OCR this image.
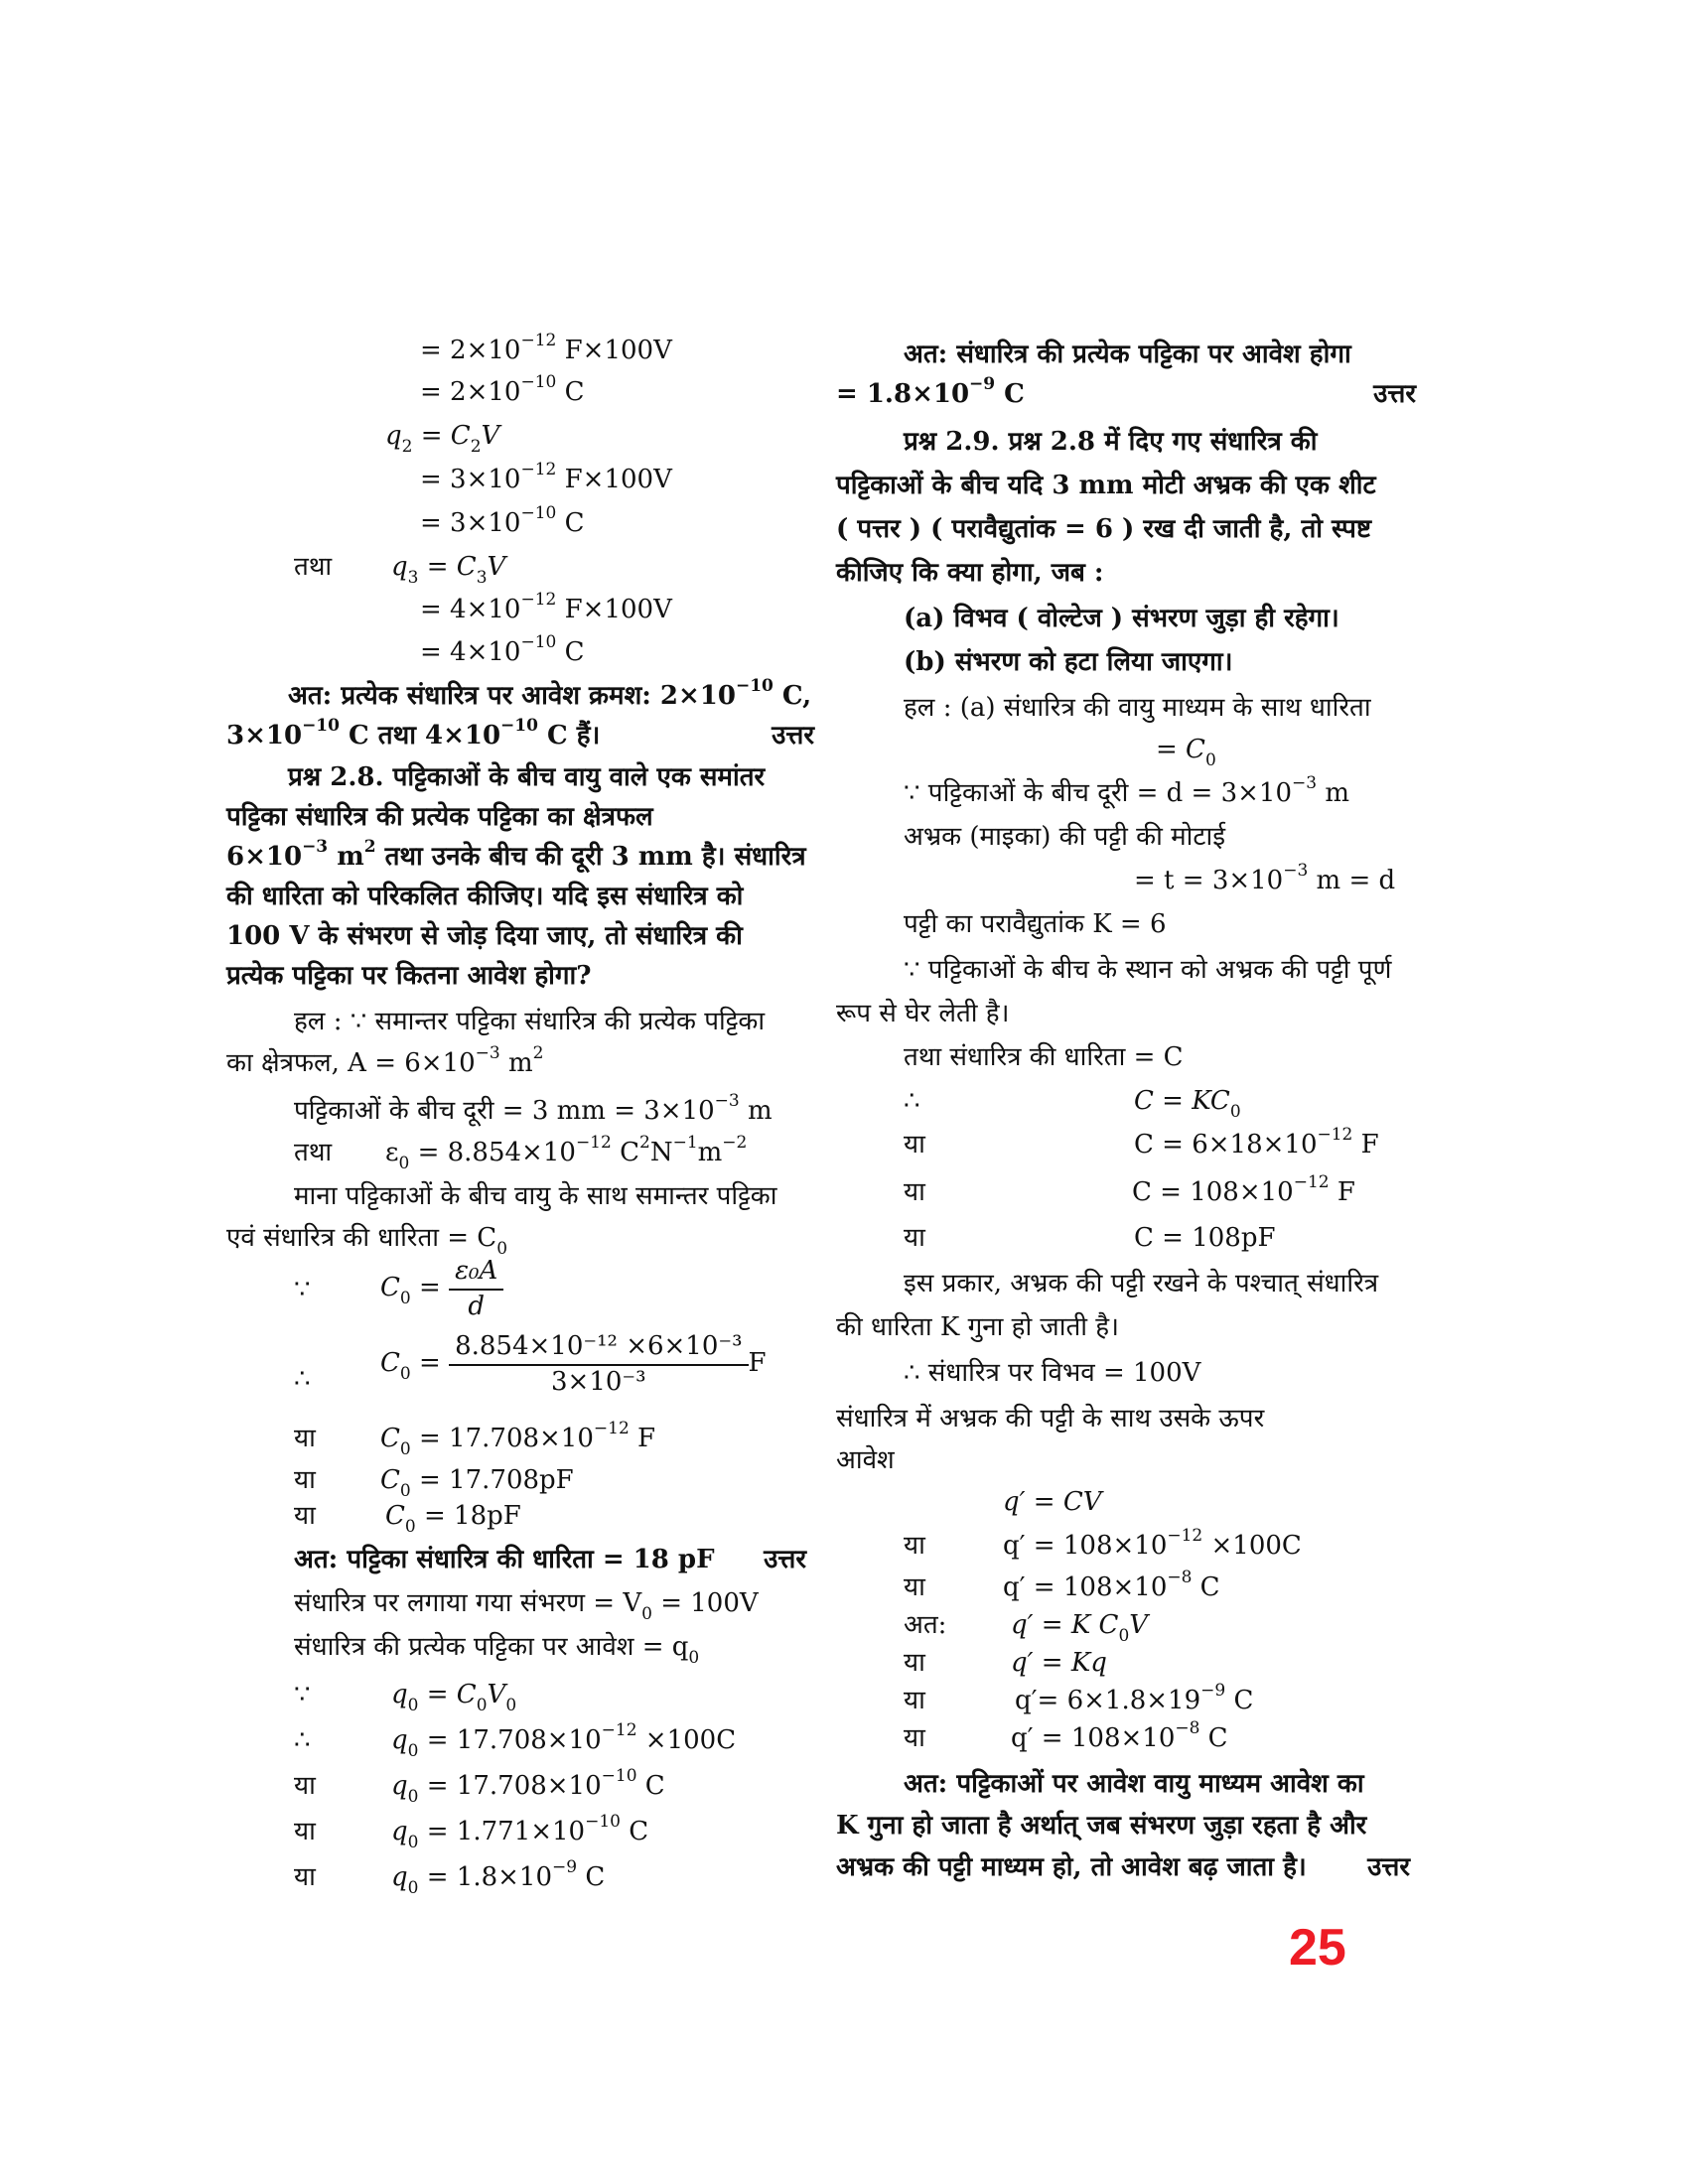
= $2\times 10^{-12}$ F×100V
= $2\times 10^{-10}$ C
$q_2 = C_2V$
= $3\times 10^{-12}$ F×100V
= $3\times 10^{-10}$ C
तथा $q_3 = C_3V$
= $4\times 10^{-12}$ F×100V
= $4\times 10^{-10}$ C
अत: प्रत्येक संधारित्र पर आवेश क्रमश: $2\times 10^{-10}$ C,
$3\times 10^{-10}$ C तथा $4\times 10^{-10}$ C हैं।	उत्तर
प्रश्न 2.8. पट्टिकाओं के बीच वायु वाले एक समांतर
पट्टिका संधारित्र की प्रत्येक पट्टिका का क्षेत्रफल
$6\times 10^{-3}$ $m^2$ तथा उनके बीच की दूरी 3 mm है। संधारित्र
की धारिता को परिकलित कीजिए। यदि इस संधारित्र को
100 V के संभरण से जोड़ दिया जाए, तो संधारित्र की
प्रत्येक पट्टिका पर कितना आवेश होगा?
हल : ∵ समान्तर पट्टिका संधारित्र की प्रत्येक पट्टिका
का क्षेत्रफल, $A = 6\times 10^{-3}$ $m^2$
पट्टिकाओं के बीच दूरी = 3 mm = $3\times 10^{-3}$ m
तथा $\varepsilon_0 = 8.854\times 10^{-12}$ $C^2N^{-1}m^{-2}$
माना पट्टिकाओं के बीच वायु के साथ समान्तर पट्टिका
एवं संधारित्र की धारिता = $C_0$
∵	$C_0 = \frac{\text{ε₀A}}{d}$
∴
$C_0 = \frac{\text{8.854×10⁻¹² ×6×10⁻³}}{\text{3×10⁻³}}$ F
या	$C_0 = 17.708\times 10^{-12}$ F
या	$C_0 = 17.708pF$
या	$C_0 = 18pF$
अत: पट्टिका संधारित्र की धारिता = 18 pF उत्तर
संधारित्र पर लगाया गया संभरण = $V_0 = 100V$
संधारित्र की प्रत्येक पट्टिका पर आवेश = $q_0$
∵	$q_0 = C_0V_0$
∴	$q_0 = 17.708\times 10^{-12} \times 100C$
या	$q_0 = 17.708\times 10^{-10}$ C
या	$q_0 = 1.771\times 10^{-10}$ C
या	$q_0 = 1.8\times 10^{-9}$ C
अत: संधारित्र की प्रत्येक पट्टिका पर आवेश होगा
= $1.8\times 10^{-9}$ C	उत्तर
प्रश्न 2.9. प्रश्न 2.8 में दिए गए संधारित्र की
पट्टिकाओं के बीच यदि 3 mm मोटी अभ्रक की एक शीट
( पत्तर ) ( परावैद्युतांक = 6 ) रख दी जाती है, तो स्पष्ट
कीजिए कि क्या होगा, जब :
(a) विभव ( वोल्टेज ) संभरण जुड़ा ही रहेगा।
(b) संभरण को हटा लिया जाएगा।
हल : (a) संधारित्र की वायु माध्यम के साथ धारिता
= $C_0$
∵ पट्टिकाओं के बीच दूरी = $d = 3\times 10^{-3}$ m
अभ्रक (माइका) की पट्टी की मोटाई
= $t = 3\times 10^{-3}$ m = d
पट्टी का परावैद्युतांक K = 6
∵ पट्टिकाओं के बीच के स्थान को अभ्रक की पट्टी पूर्ण
रूप से घेर लेती है।
तथा संधारित्र की धारिता = C
∴	$C = KC_0$
या	$C = 6\times 18\times 10^{-12}$ F
या	$C = 108\times 10^{-12}$ F
या	C = 108pF
इस प्रकार, अभ्रक की पट्टी रखने के पश्चात् संधारित्र
की धारिता K गुना हो जाती है।
∴ संधारित्र पर विभव = 100V
संधारित्र में अभ्रक की पट्टी के साथ उसके ऊपर
आवेश
q′ = CV
या	$q' = 108\times 10^{-12} \times 100C$
या	$q' = 108\times 10^{-8}$ C
अत: q′ = K $C_0V$
या	q′ = Kq
या	$q'= 6\times 1.8\times 19^{-9}$ C
या	$q' = 108\times 10^{-8}$ C
अत: पट्टिकाओं पर आवेश वायु माध्यम आवेश का
K गुना हो जाता है अर्थात् जब संभरण जुड़ा रहता है और
अभ्रक की पट्टी माध्यम हो, तो आवेश बढ़ जाता है। उत्तर
25
